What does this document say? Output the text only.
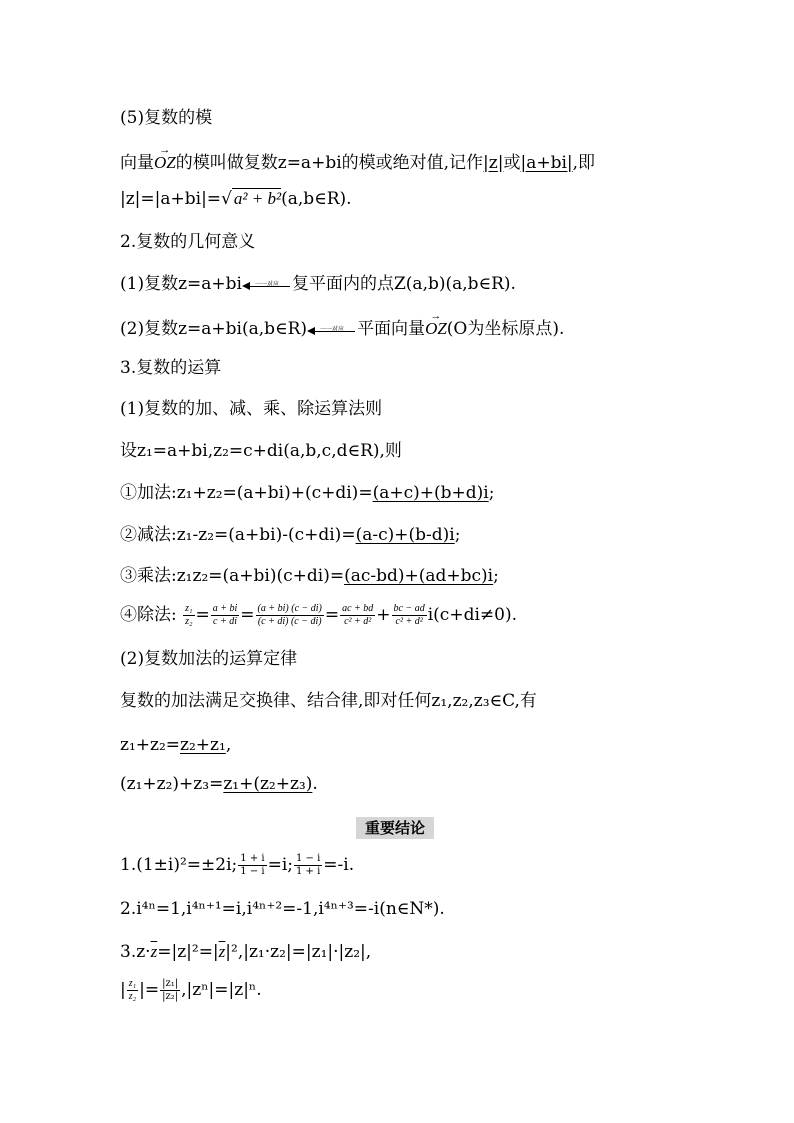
(5)复数的模
向量
→
OZ的模叫做复数z=a+bi的模或绝对值,记作|z|或|a+bi|,即
|z|=|a+bi|=√ a² + b²(a,b∈R).
2.复数的几何意义
(1)复数z=a+bi	一一对应 复平面内的点Z(a,b)(a,b∈R).
(2)复数z=a+bi(a,b∈R)	一一对应 平面向量
→
OZ(O为坐标原点).
3.复数的运算
(1)复数的加、减、乘、除运算法则
设z₁=a+bi,z₂=c+di(a,b,c,d∈R),则
①加法:z₁+z₂=(a+bi)+(c+di)=(a+c)+(b+d)i;
②减法:z₁-z₂=(a+bi)-(c+di)=(a-c)+(b-d)i;
③乘法:z₁z₂=(a+bi)(c+di)=(ac-bd)+(ad+bc)i;
④除法: $\frac{\text{z₁}}{\text{z₂}} = \frac{a + bi}{c + di} = \frac{(a + bi) (c - di)}{(c + di) (c - di)} = \frac{ac + bd}{\text{c² + d²}} + \frac{bc - ad}{\text{c² + d²}} i(c+di\ne 0)$.
(2)复数加法的运算定律
复数的加法满足交换律、结合律,即对任何z₁,z₂,z₃∈C,有
z₁+z₂=z₂+z₁,
(z₁+z₂)+z₃=z₁+(z₂+z₃).
重要结论
1.(1±i)²=±2i; $\frac{1 + i}{1 - i} =i$; $\frac{1 - i}{1 + i} =-i$.
2.i⁴ⁿ=1,i⁴ⁿ⁺¹=i,i⁴ⁿ⁺²=-1,i⁴ⁿ⁺³=-i(n∈N*).
$3.z\cdot\overline{z}=|z|^2=|\overline{z}|^2,|z_1\cdot z_2|=|z_1|\cdot|z_2|$,
| $\frac{\text{z₁}}{\text{z₂}}$ |= $\frac{\text{|z₁|}}{\text{|z₂|}} ,|z^n|=|z|^n$.
